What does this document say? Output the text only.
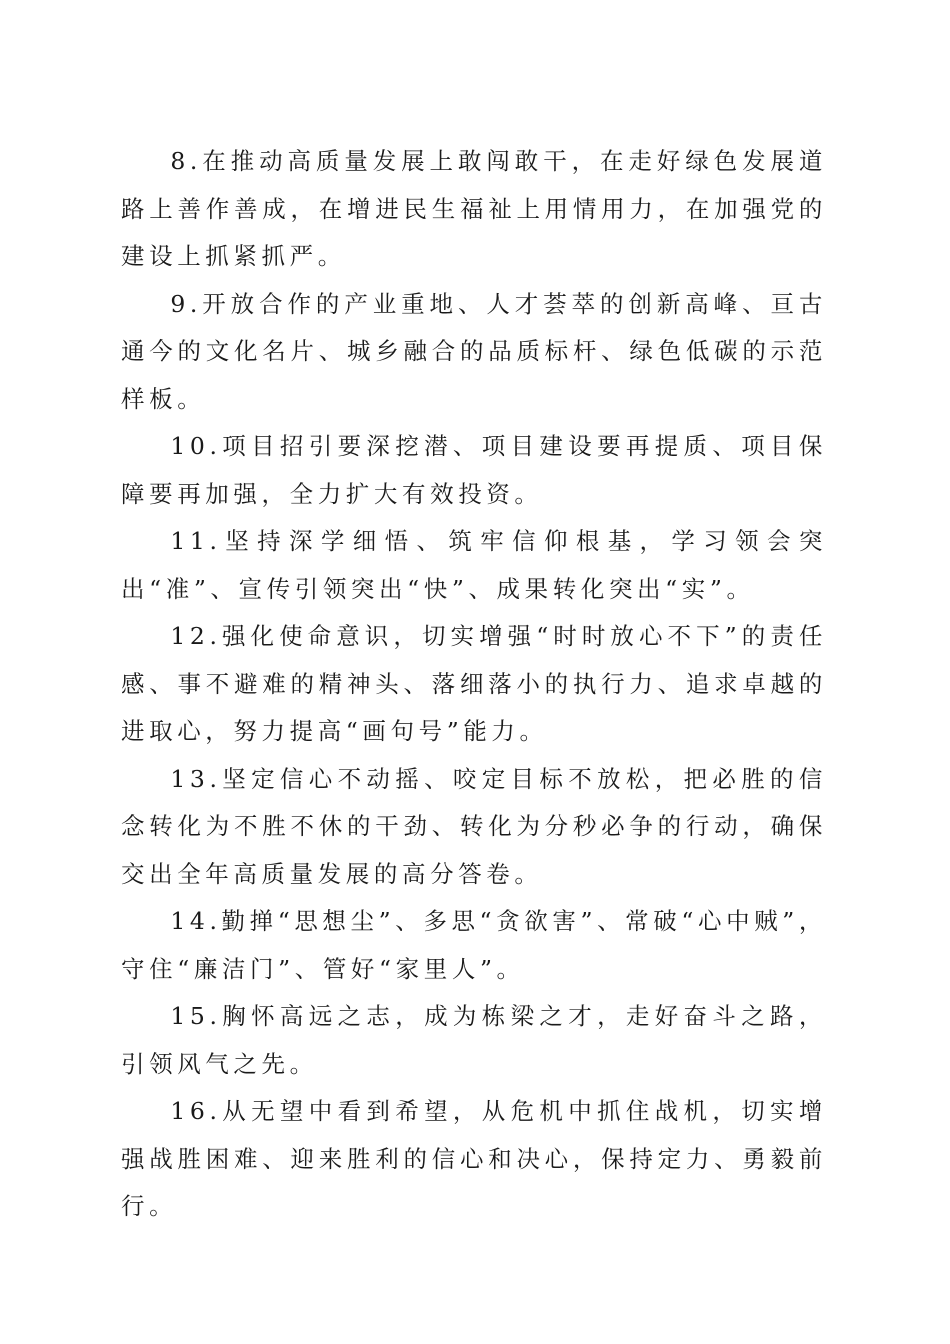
8.在推动高质量发展上敢闯敢干，在走好绿色发展道路上善作善成，在增进民生福祉上用情用力，在加强党的建设上抓紧抓严。

9.开放合作的产业重地、人才荟萃的创新高峰、亘古通今的文化名片、城乡融合的品质标杆、绿色低碳的示范样板。

10.项目招引要深挖潜、项目建设要再提质、项目保障要再加强，全力扩大有效投资。

11.坚持深学细悟、筑牢信仰根基，学习领会突出“准”、宣传引领突出“快”、成果转化突出“实”。

12.强化使命意识，切实增强“时时放心不下”的责任感、事不避难的精神头、落细落小的执行力、追求卓越的进取心，努力提高“画句号”能力。

13.坚定信心不动摇、咬定目标不放松，把必胜的信念转化为不胜不休的干劲、转化为分秒必争的行动，确保交出全年高质量发展的高分答卷。

14.勤掸“思想尘”、多思“贪欲害”、常破“心中贼”，守住“廉洁门”、管好“家里人”。

15.胸怀高远之志，成为栋梁之才，走好奋斗之路，引领风气之先。

16.从无望中看到希望，从危机中抓住战机，切实增强战胜困难、迎来胜利的信心和决心，保持定力、勇毅前行。
